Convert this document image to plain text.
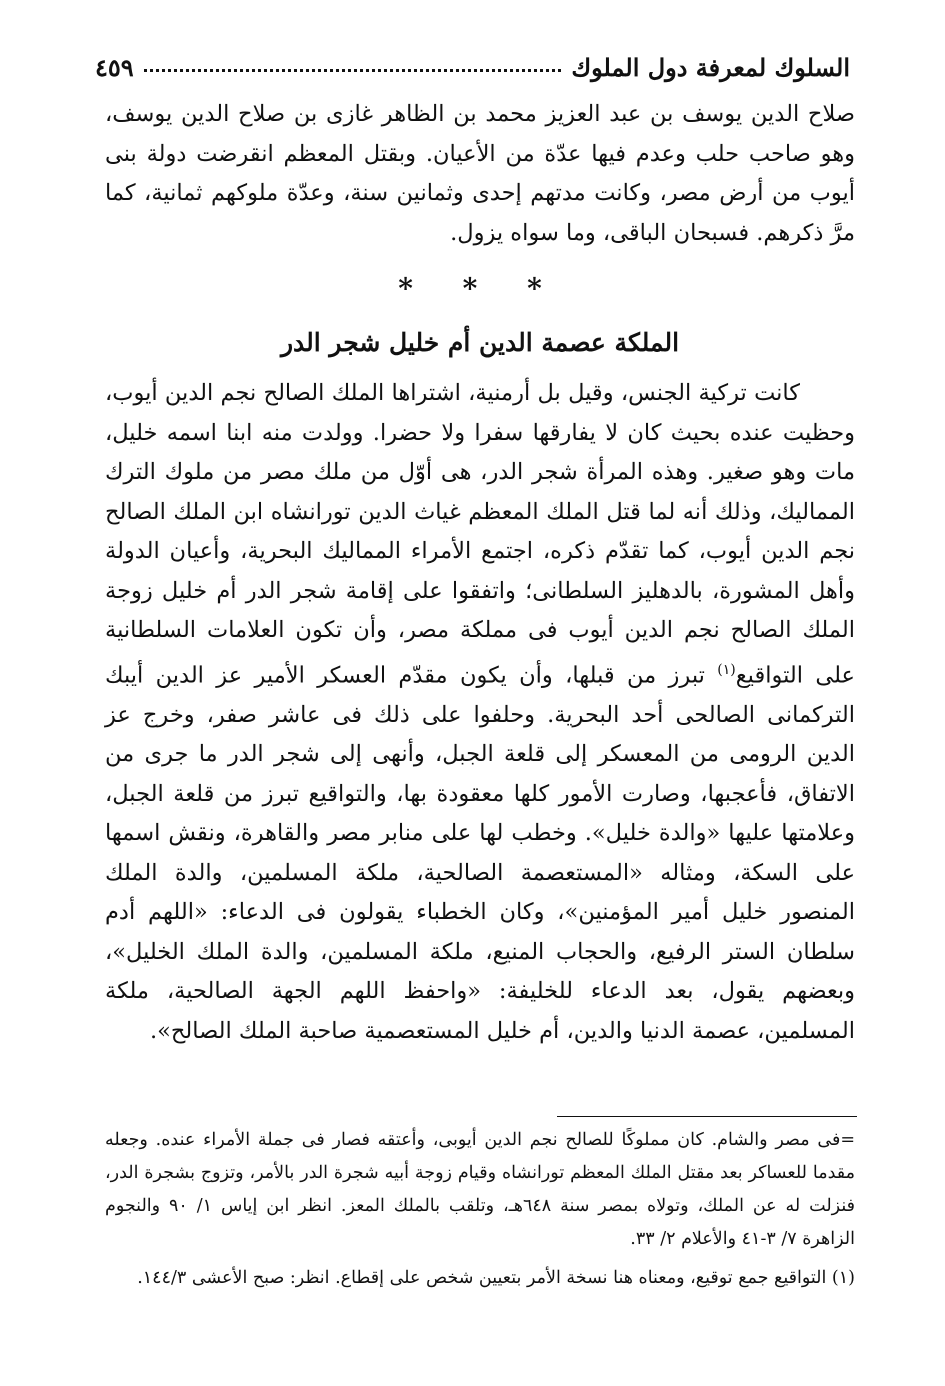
السلوك لمعرفة دول الملوك
٤٥٩

صلاح الدين يوسف بن عبد العزيز محمد بن الظاهر غازى بن صلاح الدين يوسف، وهو صاحب حلب وعدم فيها عدّة من الأعيان. وبقتل المعظم انقرضت دولة بنى أيوب من أرض مصر، وكانت مدتهم إحدى وثمانين سنة، وعدّة ملوكهم ثمانية، كما مرَّ ذكرهم. فسبحان الباقى، وما سواه يزول.

* * *
الملكة عصمة الدين أم خليل شجر الدر

كانت تركية الجنس، وقيل بل أرمنية، اشتراها الملك الصالح نجم الدين أيوب، وحظيت عنده بحيث كان لا يفارقها سفرا ولا حضرا. وولدت منه ابنا اسمه خليل، مات وهو صغير. وهذه المرأة شجر الدر، هى أوّل من ملك مصر من ملوك الترك المماليك، وذلك أنه لما قتل الملك المعظم غياث الدين تورانشاه ابن الملك الصالح نجم الدين أيوب، كما تقدّم ذكره، اجتمع الأمراء المماليك البحرية، وأعيان الدولة وأهل المشورة، بالدهليز السلطانى؛ واتفقوا على إقامة شجر الدر أم خليل زوجة الملك الصالح نجم الدين أيوب فى مملكة مصر، وأن تكون العلامات السلطانية على التواقيع$^{(١)}$ تبرز من قبلها، وأن يكون مقدّم العسكر الأمير عز الدين أيبك التركمانى الصالحى أحد البحرية. وحلفوا على ذلك فى عاشر صفر، وخرج عز الدين الرومى من المعسكر إلى قلعة الجبل، وأنهى إلى شجر الدر ما جرى من الاتفاق، فأعجبها، وصارت الأمور كلها معقودة بها، والتواقيع تبرز من قلعة الجبل، وعلامتها عليها «والدة خليل». وخطب لها على منابر مصر والقاهرة، ونقش اسمها على السكة، ومثاله «المستعصمة الصالحية، ملكة المسلمين، والدة الملك المنصور خليل أمير المؤمنين»، وكان الخطباء يقولون فى الدعاء: «اللهم أدم سلطان الستر الرفيع، والحجاب المنيع، ملكة المسلمين، والدة الملك الخليل»، وبعضهم يقول، بعد الدعاء للخليفة: «واحفظ اللهم الجهة الصالحية، ملكة المسلمين، عصمة الدنيا والدين، أم خليل المستعصمية صاحبة الملك الصالح».

=فى مصر والشام. كان مملوكًا للصالح نجم الدين أيوبى، وأعتقه فصار فى جملة الأمراء عنده. وجعله مقدما للعساكر بعد مقتل الملك المعظم تورانشاه وقيام زوجة أبيه شجرة الدر بالأمر، وتزوج بشجرة الدر، فنزلت له عن الملك، وتولاه بمصر سنة ٦٤٨هـ، وتلقب بالملك المعز. انظر ابن إياس ١/ ٩٠ والنجوم الزاهرة ٧/ ٣-٤١ والأعلام ٢/ ٣٣.

(١) التواقيع جمع توقيع، ومعناه هنا نسخة الأمر بتعيين شخص على إقطاع. انظر: صبح الأعشى ١٤٤/٣.
